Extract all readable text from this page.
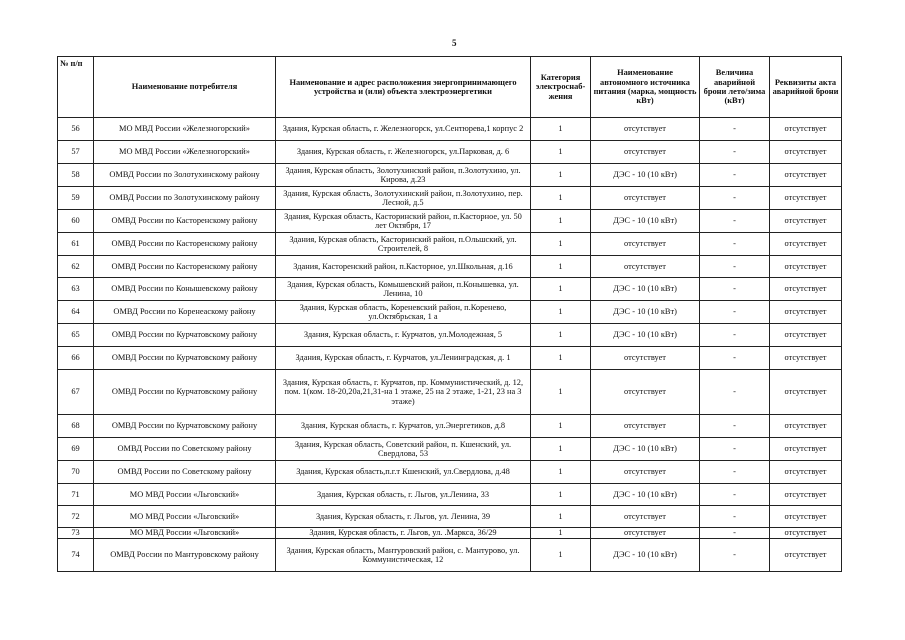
5
№ п/п	Наименование потребителя	Наименование и адрес расположения энергопринимающего устройства и (или) объекта электроэнергетики	Категория электроснаб-жения	Наименование автономного источника питания (марка, мощность кВт)	Величина аварийной брони лето/зима (кВт)	Реквизиты акта аварийной брони
56	МО МВД России «Железногорский»	Здания, Курская область, г. Железногорск, ул.Сентюрева,1 корпус 2	1	отсутствует	-	отсутствует
57	МО МВД России «Железногорский»	Здания, Курская область, г. Железногорск, ул.Парковая, д. 6	1	отсутствует	-	отсутствует
58	ОМВД России по Золотухинскому району	Здания, Курская область, Золотухинский район, п.Золотухино, ул. Кирова, д.23	1	ДЭС - 10 (10 кВт)	-	отсутствует
59	ОМВД России по Золотухинскому району	Здания, Курская область, Золотухинский район, п.Золотухино, пер. Лесной, д.5	1	отсутствует	-	отсутствует
60	ОМВД России по Касторенскому району	Здания, Курская область, Касторинский район, п.Касторное, ул. 50 лет Октября, 17	1	ДЭС - 10 (10 кВт)	-	отсутствует
61	ОМВД России по Касторенскому району	Здания, Курская область, Касторинский район, п.Ольшский, ул. Строителей, 8	1	отсутствует	-	отсутствует
62	ОМВД России по Касторенскому району	Здания, Касторенский район, п.Касторное, ул.Школьная, д.16	1	отсутствует	-	отсутствует
63	ОМВД России по Конышевскому району	Здания, Курская область, Комышевский район, п.Конышевка, ул. Ленина, 10	1	ДЭС - 10 (10 кВт)	-	отсутствует
64	ОМВД России по Коренеаскому району	Здания, Курская область, Кореневский район, п.Коренево, ул.Октябрьская, 1 а	1	ДЭС - 10 (10 кВт)	-	отсутствует
65	ОМВД России по Курчатовскому району	Здания, Курская область, г. Курчатов, ул.Молодежная, 5	1	ДЭС - 10 (10 кВт)	-	отсутствует
66	ОМВД России по Курчатовскому району	Здания, Курская область, г. Курчатов, ул.Ленинградская, д. 1	1	отсутствует	-	отсутствует
67	ОМВД России по Курчатовскому району	Здания, Курская область, г. Курчатов, пр. Коммунистический, д. 12, пом. 1(ком. 18-20,20а,21,31-на 1 этаже, 25 на 2 этаже, 1-21, 23 на 3 этаже)	1	отсутствует	-	отсутствует
68	ОМВД России по Курчатовскому району	Здания, Курская область, г. Курчатов, ул.Энергетиков, д.8	1	отсутствует	-	отсутствует
69	ОМВД России по Советскому району	Здания, Курская область, Советский район, п. Кшенский, ул. Свердлова, 53	1	ДЭС - 10 (10 кВт)	-	отсутствует
70	ОМВД России по Советскому району	Здания, Курская область,п.г.т Кшенский, ул.Свердлова, д.48	1	отсутствует	-	отсутствует
71	МО МВД России «Льговский»	Здания, Курская область, г. Льгов, ул.Ленина, 33	1	ДЭС - 10 (10 кВт)	-	отсутствует
72	МО МВД России «Льговский»	Здания, Курская область, г. Льгов, ул. Ленина, 39	1	отсутствует	-	отсутствует
73	МО МВД России «Льговский»	Здания, Курская область, г. Льгов, ул. .Маркса, 36/29	1	отсутствует	-	отсутствует
74	ОМВД России по Мантуровскому району	Здания, Курская область, Мантуровский район, с. Мантурово, ул. Коммунистическая, 12	1	ДЭС - 10 (10 кВт)	-	отсутствует
